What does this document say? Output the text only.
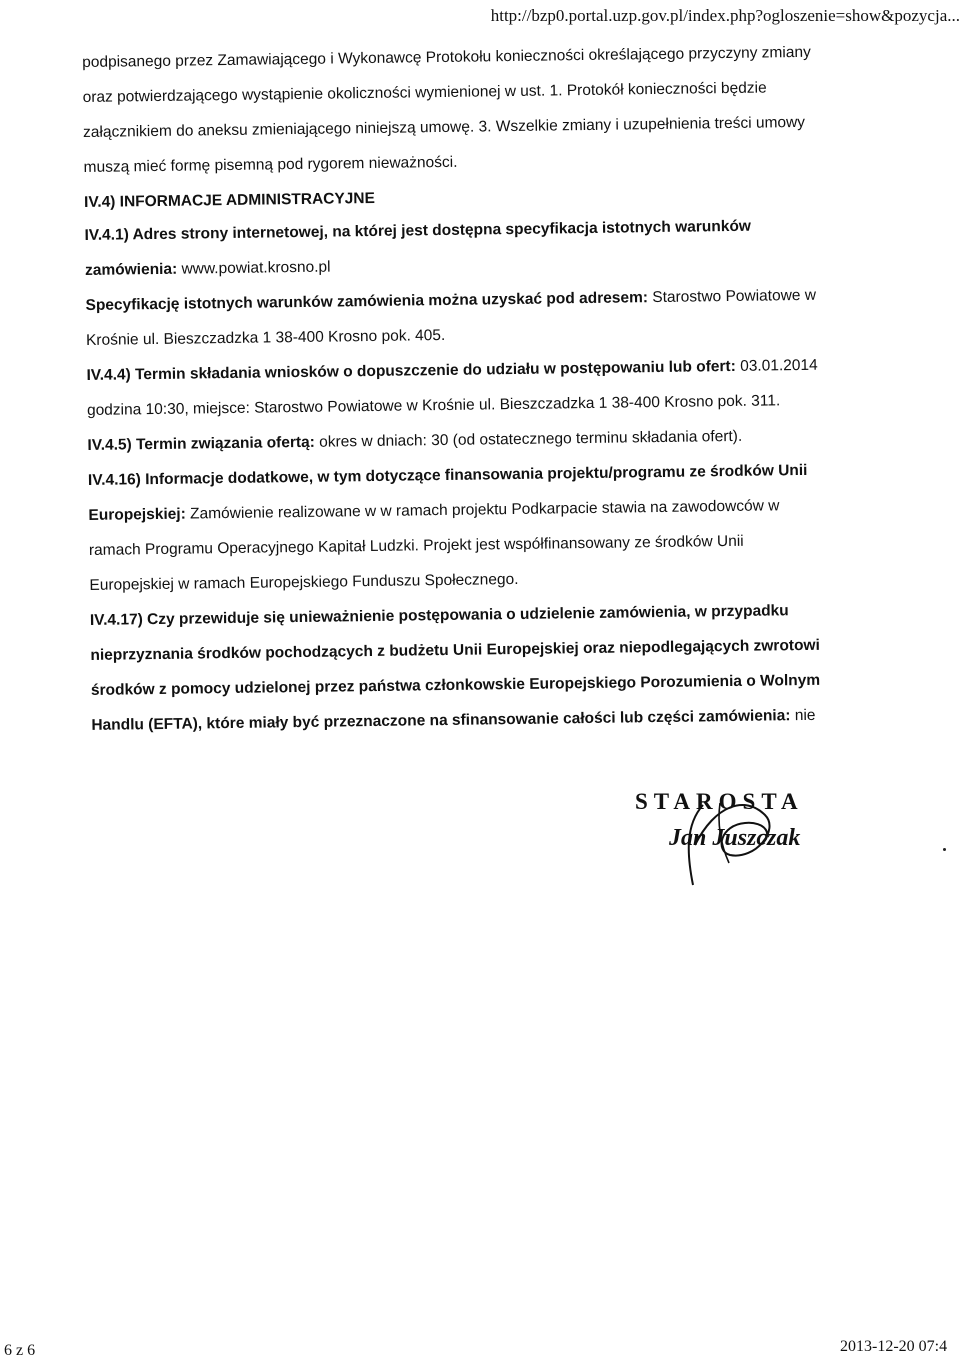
http://bzp0.portal.uzp.gov.pl/index.php?ogloszenie=show&pozycja...
podpisanego przez Zamawiającego i Wykonawcę Protokołu konieczności określającego przyczyny zmiany
oraz potwierdzającego wystąpienie okoliczności wymienionej w ust. 1. Protokół konieczności będzie
załącznikiem do aneksu zmieniającego niniejszą umowę. 3. Wszelkie zmiany i uzupełnienia treści umowy
muszą mieć formę pisemną pod rygorem nieważności.
IV.4) INFORMACJE ADMINISTRACYJNE
IV.4.1) Adres strony internetowej, na której jest dostępna specyfikacja istotnych warunków
zamówienia: www.powiat.krosno.pl
Specyfikację istotnych warunków zamówienia można uzyskać pod adresem: Starostwo Powiatowe w
Krośnie ul. Bieszczadzka 1 38-400 Krosno pok. 405.
IV.4.4) Termin składania wniosków o dopuszczenie do udziału w postępowaniu lub ofert: 03.01.2014
godzina 10:30, miejsce: Starostwo Powiatowe w Krośnie ul. Bieszczadzka 1 38-400 Krosno pok. 311.
IV.4.5) Termin związania ofertą: okres w dniach: 30 (od ostatecznego terminu składania ofert).
IV.4.16) Informacje dodatkowe, w tym dotyczące finansowania projektu/programu ze środków Unii
Europejskiej: Zamówienie realizowane w w ramach projektu Podkarpacie stawia na zawodowców w
ramach Programu Operacyjnego Kapitał Ludzki. Projekt jest współfinansowany ze środków Unii
Europejskiej w ramach Europejskiego Funduszu Społecznego.
IV.4.17) Czy przewiduje się unieważnienie postępowania o udzielenie zamówienia, w przypadku
nieprzyznania środków pochodzących z budżetu Unii Europejskiej oraz niepodlegających zwrotowi
środków z pomocy udzielonej przez państwa członkowskie Europejskiego Porozumienia o Wolnym
Handlu (EFTA), które miały być przeznaczone na sfinansowanie całości lub części zamówienia: nie
STAROSTA
Jan Juszczak
6 z 6	2013-12-20 07:4
